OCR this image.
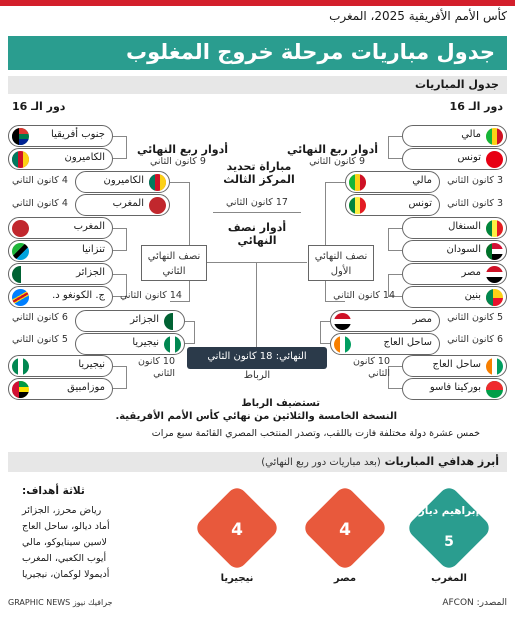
كأس الأمم الأفريقية 2025، المغرب
جدول مباريات مرحلة خروج المغلوب
جدول المباريات
دور الـ 16	دور الـ 16
أدوار ربع النهائي
9 كانون الثاني
أدوار ربع النهائي
9 كانون الثاني
مباراة تحديد المركز الثالث
17 كانون الثاني
أدوار نصف النهائي
جنوب أفريقيا
الكاميرون
المغرب
تنزانيا
الجزائر
ج. الكونغو د.
نيجيريا
موزامبيق
4 كانون الثاني
4 كانون الثاني
6 كانون الثاني
5 كانون الثاني
الكاميرون
المغرب
الجزائر
نيجيريا
نصف النهائي الثاني
14 كانون الثاني
10 كانون الثاني
مالي
تونس
السنغال
السودان
مصر
بنين
ساحل العاج
بوركينا فاسو
3 كانون الثاني
3 كانون الثاني
5 كانون الثاني
6 كانون الثاني
مالي
تونس
مصر
ساحل العاج
نصف النهائي الأول
14 كانون الثاني
10 كانون الثاني
النهائي: 18 كانون الثاني
الرباط
تستضيف الرباط
النسخة الخامسة والثلاثين من نهائي كأس الأمم الأفريقية.
خمس عشرة دولة مختلفة فازت باللقب، وتصدر المنتخب المصري القائمة سبع مرات
أبرز هدافي المباريات (بعد مباريات دور ربع النهائي)
إبراهيم دياز
5
المغرب
4
مصر
4
نيجيريا
ثلاثة أهداف:
رياض محرز، الجزائر
أماد ديالو، ساحل العاج
لاسين سينايوكو، مالي
أيوب الكعبي، المغرب
أديمولا لوكمان، نيجيريا
GRAPHIC NEWS جرافيك نيوز	المصدر: AFCON
